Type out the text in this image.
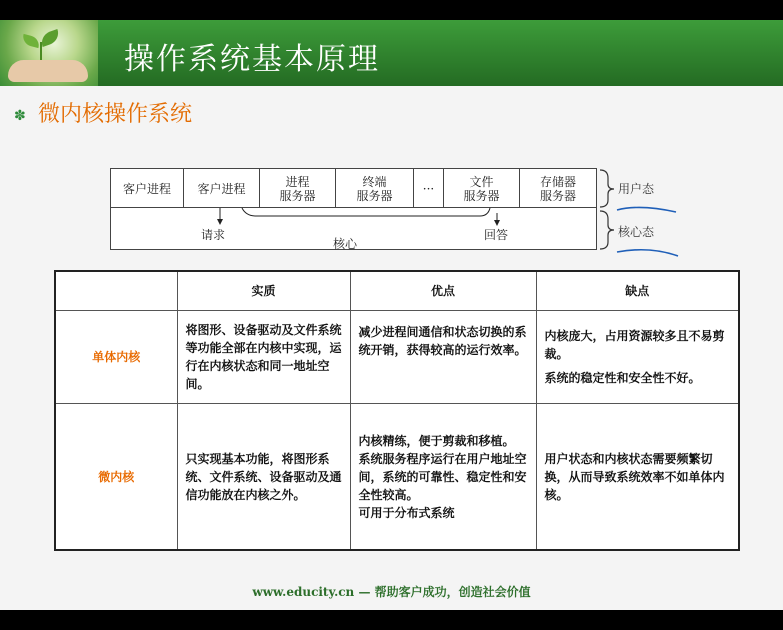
操作系统基本原理
✽ 微内核操作系统
客户进程 客户进程	进程
服务器
终端
服务器	···	文件
服务器
存储器
服务器
请求
核心
回答
用户态
核心态
	实质	优点	缺点
单体内核	将图形、设备驱动及文件系统等功能全部在内核中实现，运行在内核状态和同一地址空间。	减少进程间通信和状态切换的系统开销，获得较高的运行效率。	内核庞大，占用资源较多且不易剪裁。
系统的稳定性和安全性不好。

微内核	只实现基本功能，将图形系统、文件系统、设备驱动及通信功能放在内核之外。	内核精练，便于剪裁和移植。
系统服务程序运行在用户地址空间，系统的可靠性、稳定性和安全性较高。
可用于分布式系统	用户状态和内核状态需要频繁切换，从而导致系统效率不如单体内核。
www.educity.cn — 帮助客户成功，创造社会价值
